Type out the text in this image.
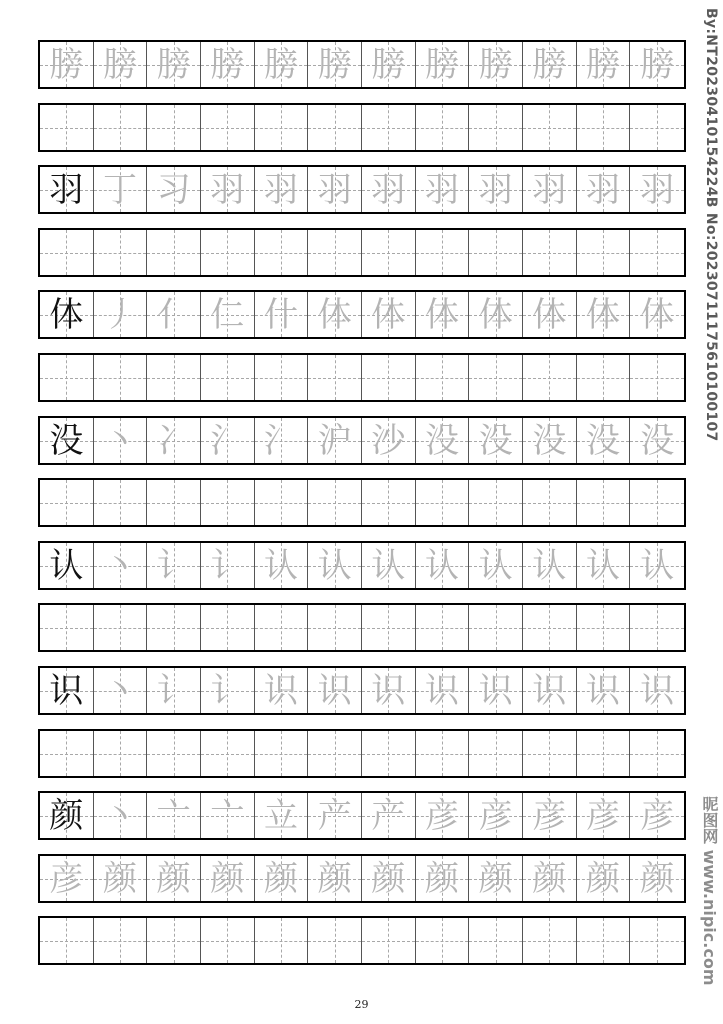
膀 膀 膀 膀 膀 膀 膀 膀 膀 膀 膀 膀
羽 丁 习 羽 羽 羽 羽 羽 羽 羽 羽 羽
体 丿 亻 仁 什 体 体 体 体 体 体 体
没 丶 冫 氵 氵 沪 沙 没 没 没 没 没
认 丶 讠 讠 认 认 认 认 认 认 认 认
识 丶 讠 讠 识 识 识 识 识 识 识 识
颜 丶 亠 亠 立 产 产 彦 彦 彦 彦 彦
彦 颜 颜 颜 颜 颜 颜 颜 颜 颜 颜 颜
By:NT20230410154224B No:20230711175610100107
昵图网 www.nipic.com
29
